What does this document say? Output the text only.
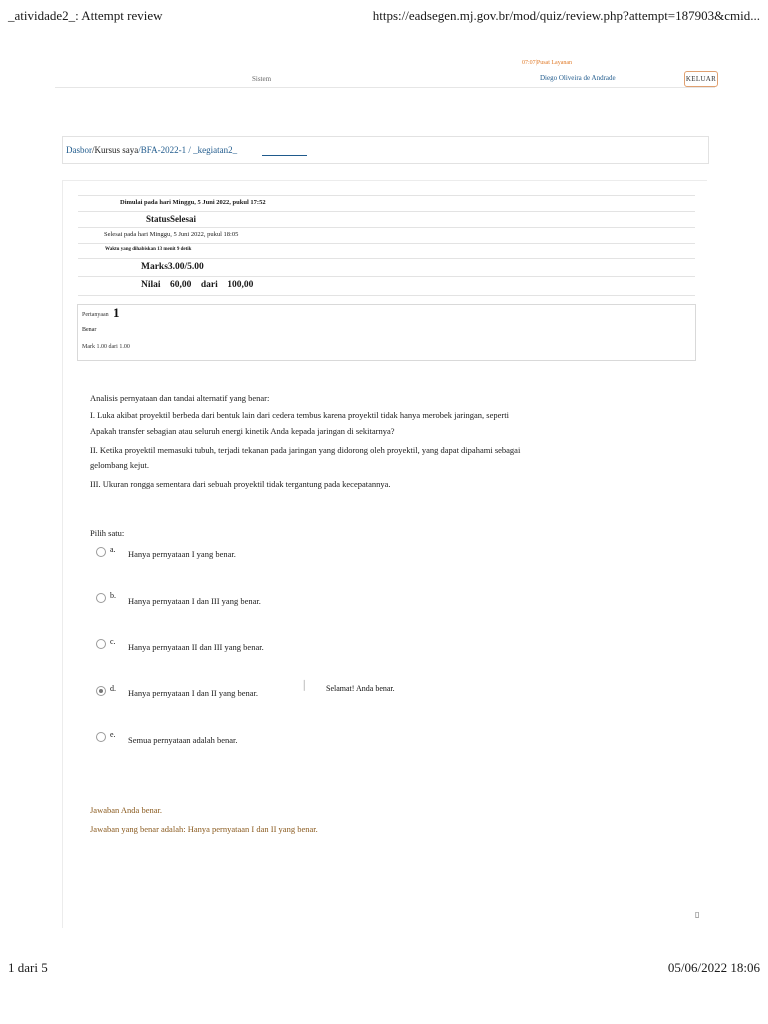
_atividade2_: Attempt review	https://eadsegen.mj.gov.br/mod/quiz/review.php?attempt=187903&cmid...
Sistem
07:07|Pusat Layanan
Diego Oliveira de Andrade	KELUAR
Dasbor/Kursus saya/BFA-2022-1 / _kegiatan2_
Dimulai pada hari Minggu, 5 Juni 2022, pukul 17:52
StatusSelesai
Selesai pada hari Minggu, 5 Juni 2022, pukul 18:05
Waktu yang dihabiskan 13 menit 9 detik
Marks3.00/5.00
Nilai    60,00    dari    100,00
Pertanyaan 1
Benar
Mark 1.00 dari 1.00
Analisis pernyataan dan tandai alternatif yang benar:
I. Luka akibat proyektil berbeda dari bentuk lain dari cedera tembus karena proyektil tidak hanya merobek jaringan, seperti
Apakah transfer sebagian atau seluruh energi kinetik Anda kepada jaringan di sekitarnya?
II. Ketika proyektil memasuki tubuh, terjadi tekanan pada jaringan yang didorong oleh proyektil, yang dapat dipahami sebagai
gelombang kejut.
III. Ukuran rongga sementara dari sebuah proyektil tidak tergantung pada kecepatannya.
Pilih satu:
a. Hanya pernyataan I yang benar.
b.
Hanya pernyataan I dan III yang benar.
c.
Hanya pernyataan II dan III yang benar.
d. Hanya pernyataan I dan II yang benar.
│ Selamat! Anda benar.
e.
Semua pernyataan adalah benar.
Jawaban Anda benar.
Jawaban yang benar adalah: Hanya pernyataan I dan II yang benar.
▯
1 dari 5	05/06/2022 18:06
